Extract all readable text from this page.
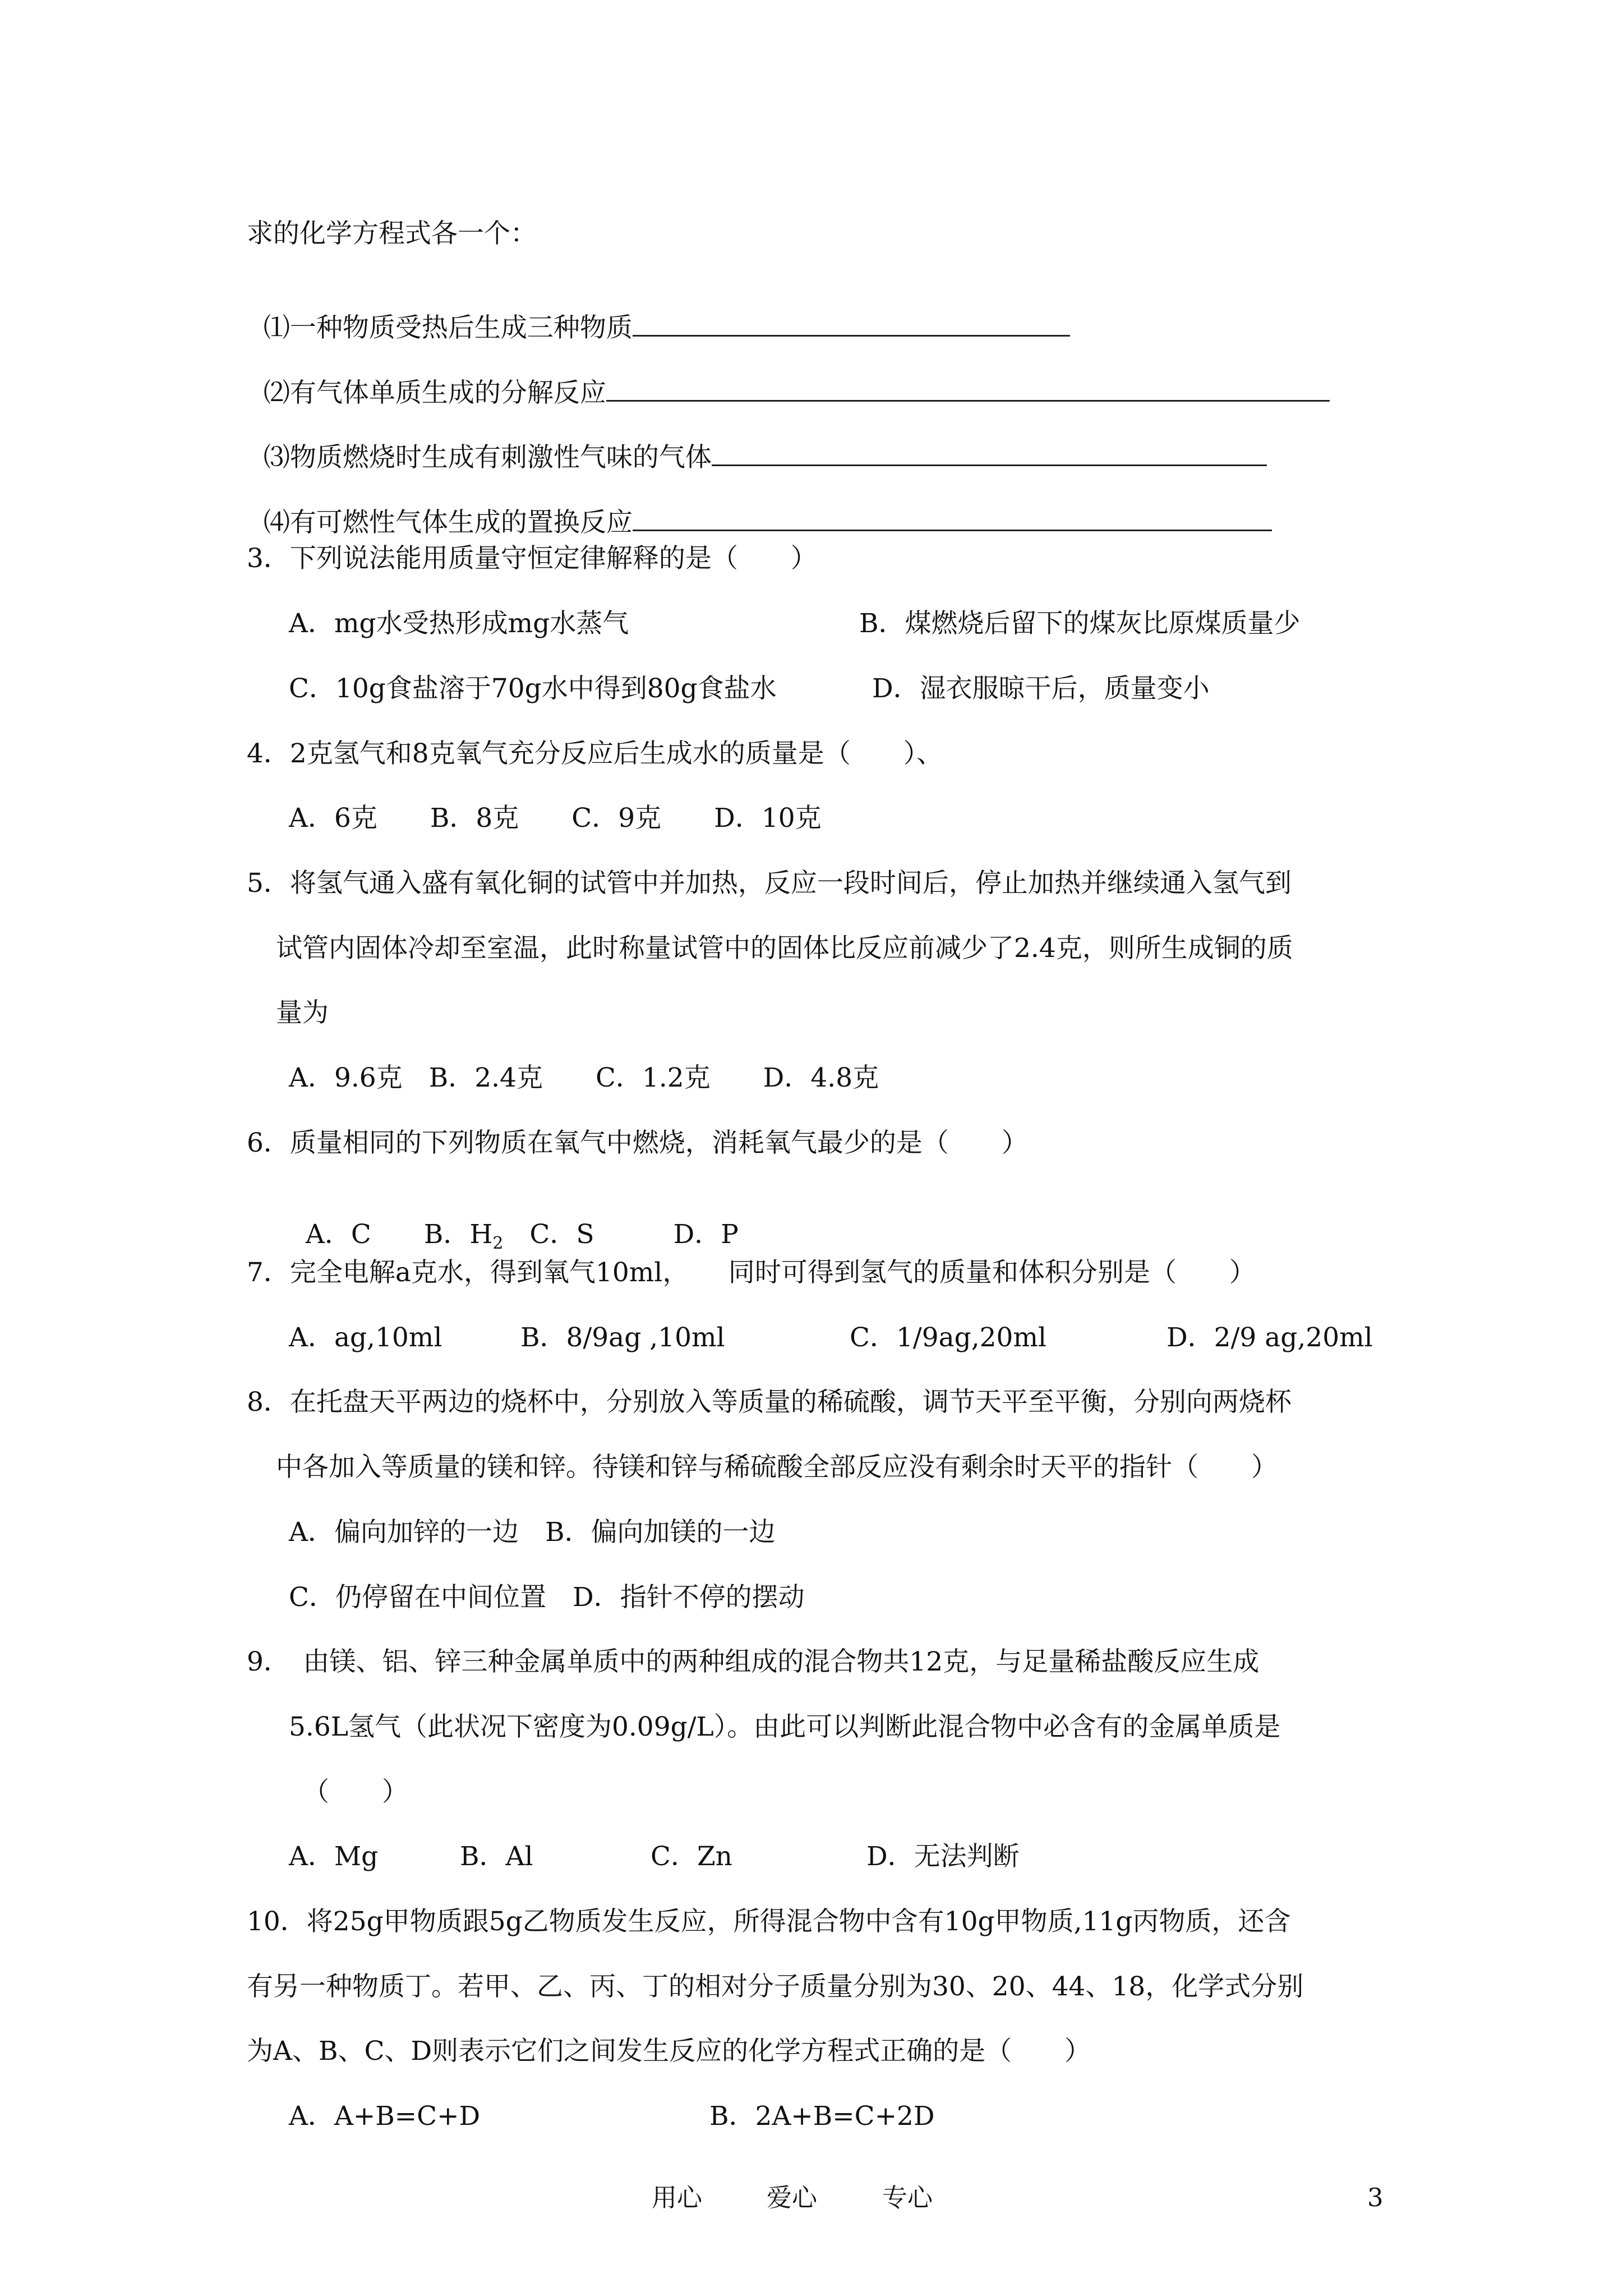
求的化学方程式各一个：

⑴一种物质受热后生成三种物质

⑵有气体单质生成的分解反应

⑶物质燃烧时生成有刺激性气味的气体

⑷有可燃性气体生成的置换反应

3．下列说法能用质量守恒定律解释的是（　　）
A．mg水受热形成mg水蒸气	B．煤燃烧后留下的煤灰比原煤质量少
C．10g食盐溶于70g水中得到80g食盐水	D．湿衣服晾干后，质量变小
4．2克氢气和8克氧气充分反应后生成水的质量是（　　）、
A．6克　　B．8克　　C．9克　　D．10克
5．将氢气通入盛有氧化铜的试管中并加热，反应一段时间后，停止加热并继续通入氢气到
试管内固体冷却至室温，此时称量试管中的固体比反应前减少了2.4克，则所生成铜的质
量为
A．9.6克　B．2.4克　　C．1.2克　　D．4.8克
6．质量相同的下列物质在氧气中燃烧，消耗氧气最少的是（　　）

A．C　　B．$H_2$　C．S　　　D．P

7．完全电解a克水，得到氧气10ml，　　同时可得到氢气的质量和体积分别是（　　）
A．ag,10ml	B．8/9ag ,10ml	C．1/9ag,20ml	D．2/9 ag,20ml
8．在托盘天平两边的烧杯中，分别放入等质量的稀硫酸，调节天平至平衡，分别向两烧杯
中各加入等质量的镁和锌。待镁和锌与稀硫酸全部反应没有剩余时天平的指针（　　）
A．偏向加锌的一边　B．偏向加镁的一边
C．仍停留在中间位置　D．指针不停的摆动
9．　由镁、铝、锌三种金属单质中的两种组成的混合物共12克，与足量稀盐酸反应生成
5.6L氢气（此状况下密度为0.09g/L）。由此可以判断此混合物中必含有的金属单质是
（　　）
A．Mg	B．Al	C．Zn	D．无法判断
10．将25g甲物质跟5g乙物质发生反应，所得混合物中含有10g甲物质,11g丙物质，还含
有另一种物质丁。若甲、乙、丙、丁的相对分子质量分别为30、20、44、18，化学式分别
为A、B、C、D则表示它们之间发生反应的化学方程式正确的是（　　）
A．A+B=C+D	B．2A+B=C+2D
用心	爱心	专心	3
